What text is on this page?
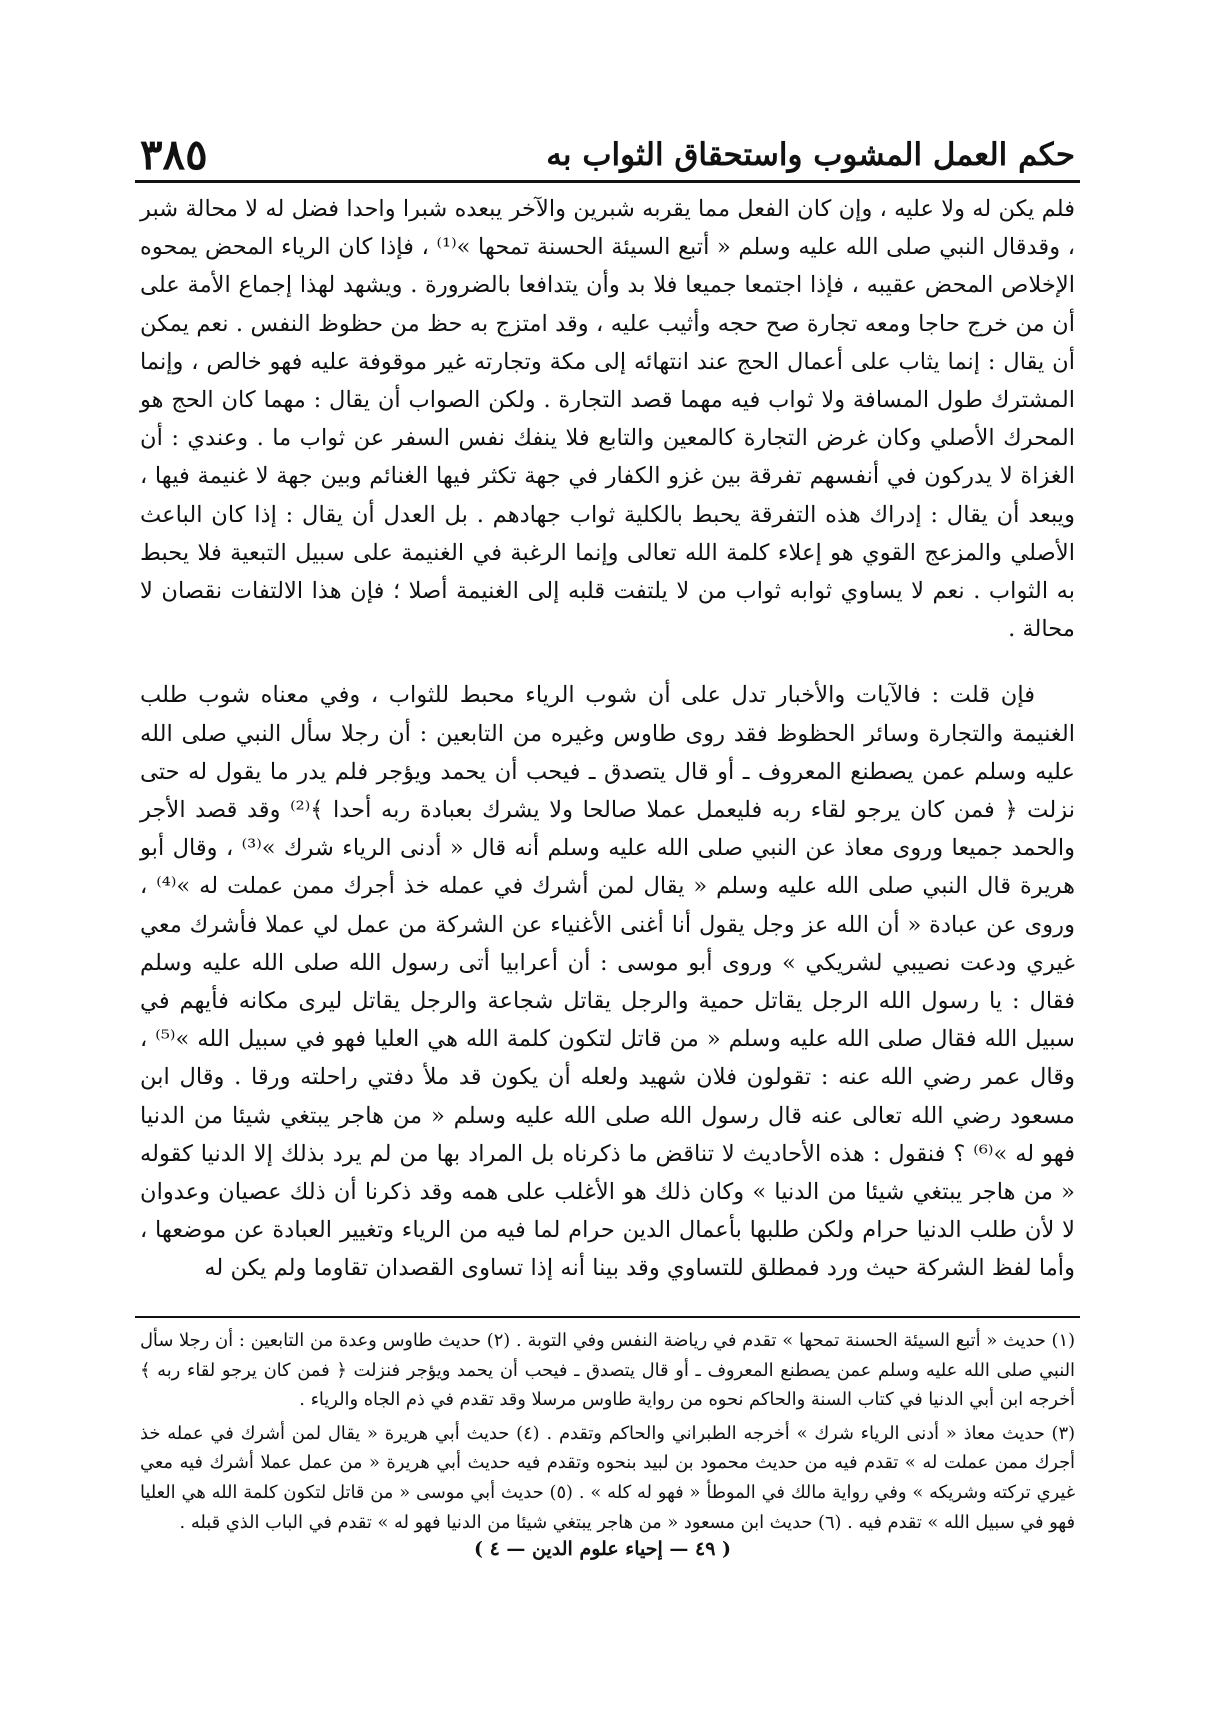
حكم العمل المشوب واستحقاق الثواب به
٣٨٥

فلم يكن له ولا عليه ، وإن كان الفعل مما يقربه شبرين والآخر يبعده شبرا واحدا فضل له لا محالة شبر ، وقدقال النبي صلى الله عليه وسلم « أتبع السيئة الحسنة تمحها »⁽¹⁾ ، فإذا كان الرياء المحض يمحوه الإخلاص المحض عقيبه ، فإذا اجتمعا جميعا فلا بد وأن يتدافعا بالضرورة . ويشهد لهذا إجماع الأمة على أن من خرج حاجا ومعه تجارة صح حجه وأثيب عليه ، وقد امتزج به حظ من حظوظ النفس . نعم يمكن أن يقال : إنما يثاب على أعمال الحج عند انتهائه إلى مكة وتجارته غير موقوفة عليه فهو خالص ، وإنما المشترك طول المسافة ولا ثواب فيه مهما قصد التجارة . ولكن الصواب أن يقال : مهما كان الحج هو المحرك الأصلي وكان غرض التجارة كالمعين والتابع فلا ينفك نفس السفر عن ثواب ما . وعندي : أن الغزاة لا يدركون في أنفسهم تفرقة بين غزو الكفار في جهة تكثر فيها الغنائم وبين جهة لا غنيمة فيها ، ويبعد أن يقال : إدراك هذه التفرقة يحبط بالكلية ثواب جهادهم . بل العدل أن يقال : إذا كان الباعث الأصلي والمزعج القوي هو إعلاء كلمة الله تعالى وإنما الرغبة في الغنيمة على سبيل التبعية فلا يحبط به الثواب . نعم لا يساوي ثوابه ثواب من لا يلتفت قلبه إلى الغنيمة أصلا ؛ فإن هذا الالتفات نقصان لا محالة .

فإن قلت : فالآيات والأخبار تدل على أن شوب الرياء محبط للثواب ، وفي معناه شوب طلب الغنيمة والتجارة وسائر الحظوظ فقد روى طاوس وغيره من التابعين : أن رجلا سأل النبي صلى الله عليه وسلم عمن يصطنع المعروف ـ أو قال يتصدق ـ فيحب أن يحمد ويؤجر فلم يدر ما يقول له حتى نزلت ﴿ فمن كان يرجو لقاء ربه فليعمل عملا صالحا ولا يشرك بعبادة ربه أحدا ﴾⁽²⁾ وقد قصد الأجر والحمد جميعا وروى معاذ عن النبي صلى الله عليه وسلم أنه قال « أدنى الرياء شرك »⁽³⁾ ، وقال أبو هريرة قال النبي صلى الله عليه وسلم « يقال لمن أشرك في عمله خذ أجرك ممن عملت له »⁽⁴⁾ ، وروى عن عبادة « أن الله عز وجل يقول أنا أغنى الأغنياء عن الشركة من عمل لي عملا فأشرك معي غيري ودعت نصيبي لشريكي » وروى أبو موسى : أن أعرابيا أتى رسول الله صلى الله عليه وسلم فقال : يا رسول الله الرجل يقاتل حمية والرجل يقاتل شجاعة والرجل يقاتل ليرى مكانه فأيهم في سبيل الله فقال صلى الله عليه وسلم « من قاتل لتكون كلمة الله هي العليا فهو في سبيل الله »⁽⁵⁾ ، وقال عمر رضي الله عنه : تقولون فلان شهيد ولعله أن يكون قد ملأ دفتي راحلته ورقا . وقال ابن مسعود رضي الله تعالى عنه قال رسول الله صلى الله عليه وسلم « من هاجر يبتغي شيئا من الدنيا فهو له »⁽⁶⁾ ؟ فنقول : هذه الأحاديث لا تناقض ما ذكرناه بل المراد بها من لم يرد بذلك إلا الدنيا كقوله « من هاجر يبتغي شيئا من الدنيا » وكان ذلك هو الأغلب على همه وقد ذكرنا أن ذلك عصيان وعدوان لا لأن طلب الدنيا حرام ولكن طلبها بأعمال الدين حرام لما فيه من الرياء وتغيير العبادة عن موضعها ، وأما لفظ الشركة حيث ورد فمطلق للتساوي وقد بينا أنه إذا تساوى القصدان تقاوما ولم يكن له

(١) حديث « أتبع السيئة الحسنة تمحها » تقدم في رياضة النفس وفي التوبة . (٢) حديث طاوس وعدة من التابعين : أن رجلا سأل النبي صلى الله عليه وسلم عمن يصطنع المعروف ـ أو قال يتصدق ـ فيحب أن يحمد ويؤجر فنزلت ﴿ فمن كان يرجو لقاء ربه ﴾ أخرجه ابن أبي الدنيا في كتاب السنة والحاكم نحوه من رواية طاوس مرسلا وقد تقدم في ذم الجاه والرياء .

(٣) حديث معاذ « أدنى الرياء شرك » أخرجه الطبراني والحاكم وتقدم . (٤) حديث أبي هريرة « يقال لمن أشرك في عمله خذ أجرك ممن عملت له » تقدم فيه من حديث محمود بن لبيد بنحوه وتقدم فيه حديث أبي هريرة « من عمل عملا أشرك فيه معي غيري تركته وشريكه » وفي رواية مالك في الموطأ « فهو له كله » . (٥) حديث أبي موسى « من قاتل لتكون كلمة الله هي العليا فهو في سبيل الله » تقدم فيه . (٦) حديث ابن مسعود « من هاجر يبتغي شيئا من الدنيا فهو له » تقدم في الباب الذي قبله .

( ٤٩ — إحياء علوم الدين — ٤ )
